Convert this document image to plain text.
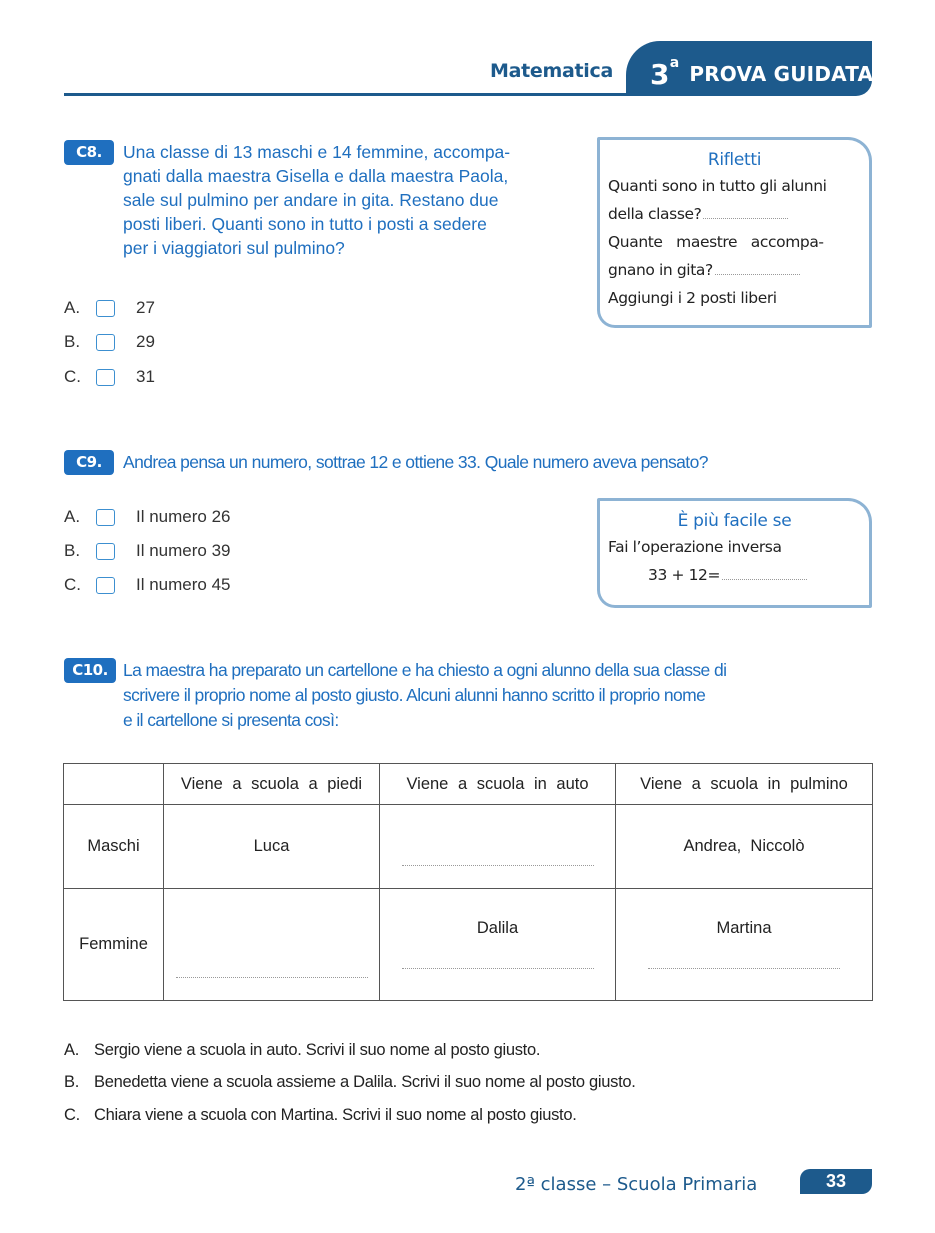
Matematica 3$^a$ PROVA GUIDATA
C8.	Una classe di 13 maschi e 14 femmine, accompa-
gnati dalla maestra Gisella e dalla maestra Paola,
sale sul pulmino per andare in gita. Restano due
posti liberi. Quanti sono in tutto i posti a sedere
per i viaggiatori sul pulmino?
A.	27
B.	29
C.	31
Rifletti
Quanti sono in tutto gli alunni
della classe?
Quante   maestre   accompa-
gnano in gita?
Aggiungi i 2 posti liberi
C9.	Andrea pensa un numero, sottrae 12 e ottiene 33. Quale numero aveva pensato?
A.	Il numero 26
B.	Il numero 39
C.	Il numero 45
È più facile se
Fai l’operazione inversa
33 + 12=
C10. La maestra ha preparato un cartellone e ha chiesto a ogni alunno della sua classe di
scrivere il proprio nome al posto giusto. Alcuni alunni hanno scritto il proprio nome
e il cartellone si presenta così:
	Viene a scuola a piedi	Viene a scuola in auto	Viene a scuola in pulmino
Maschi	Luca		Andrea,  Niccolò
Femmine		Dalila	Martina
A. Sergio viene a scuola in auto. Scrivi il suo nome al posto giusto.
B. Benedetta viene a scuola assieme a Dalila. Scrivi il suo nome al posto giusto.
C. Chiara viene a scuola con Martina. Scrivi il suo nome al posto giusto.
2ª classe – Scuola Primaria	33
